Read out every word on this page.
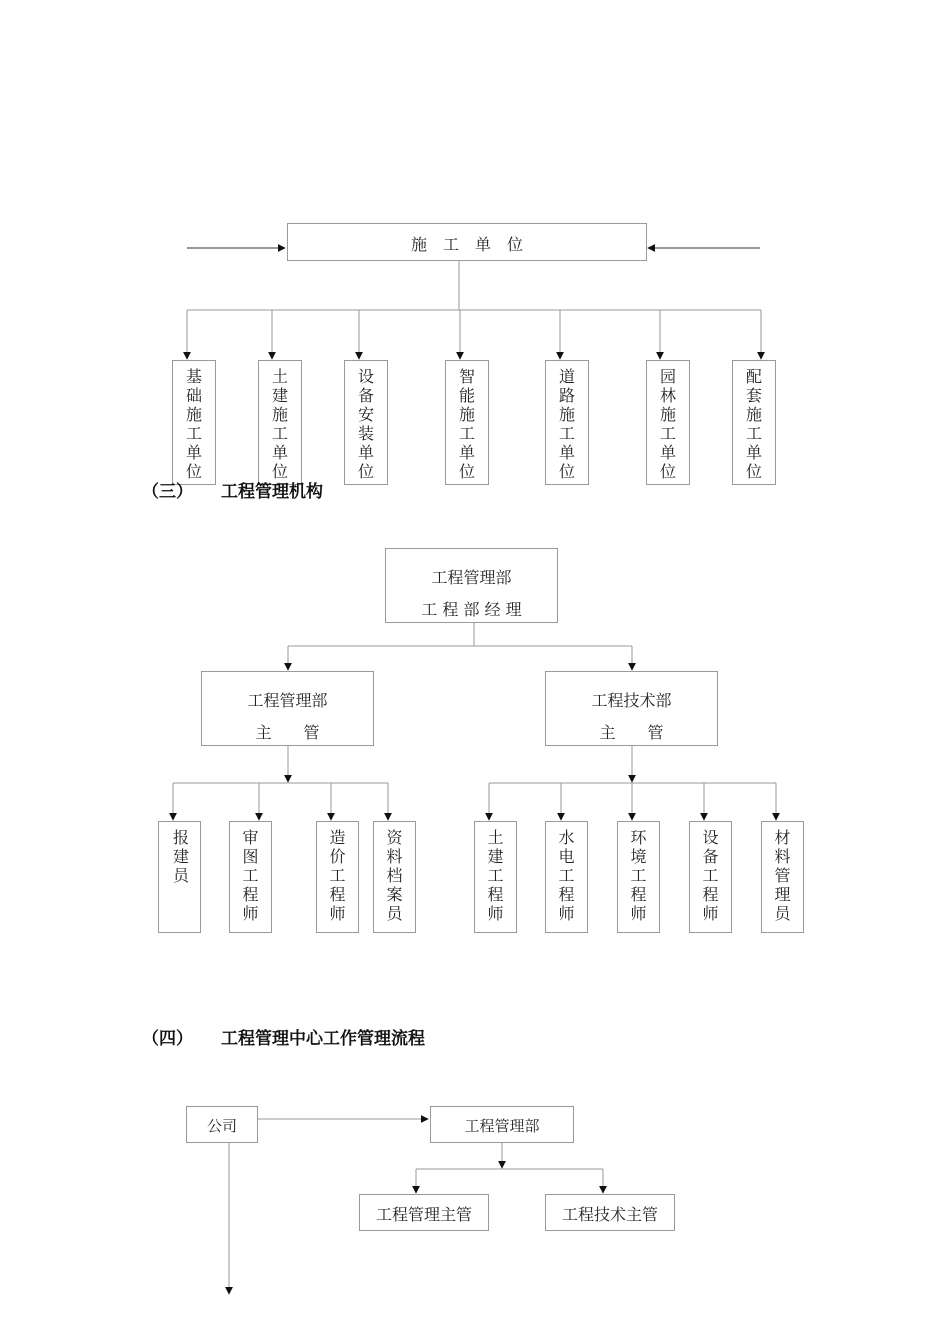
施　工　单　位
基
础
施
工
单
位
土
建
施
工
单
位
设
备
安
装
单
位
智
能
施
工
单
位
道
路
施
工
单
位
园
林
施
工
单
位
配
套
施
工
单
位
（三） 工程管理机构
工程管理部
工 程 部 经 理
工程管理部
主　　管
工程技术部
主　　管
报
建
员
审
图
工
程
师
造
价
工
程
师
资
料
档
案
员
土
建
工
程
师
水
电
工
程
师
环
境
工
程
师
设
备
工
程
师
材
料
管
理
员
（四） 工程管理中心工作管理流程
公司	工程管理部
工程管理主管	工程技术主管
